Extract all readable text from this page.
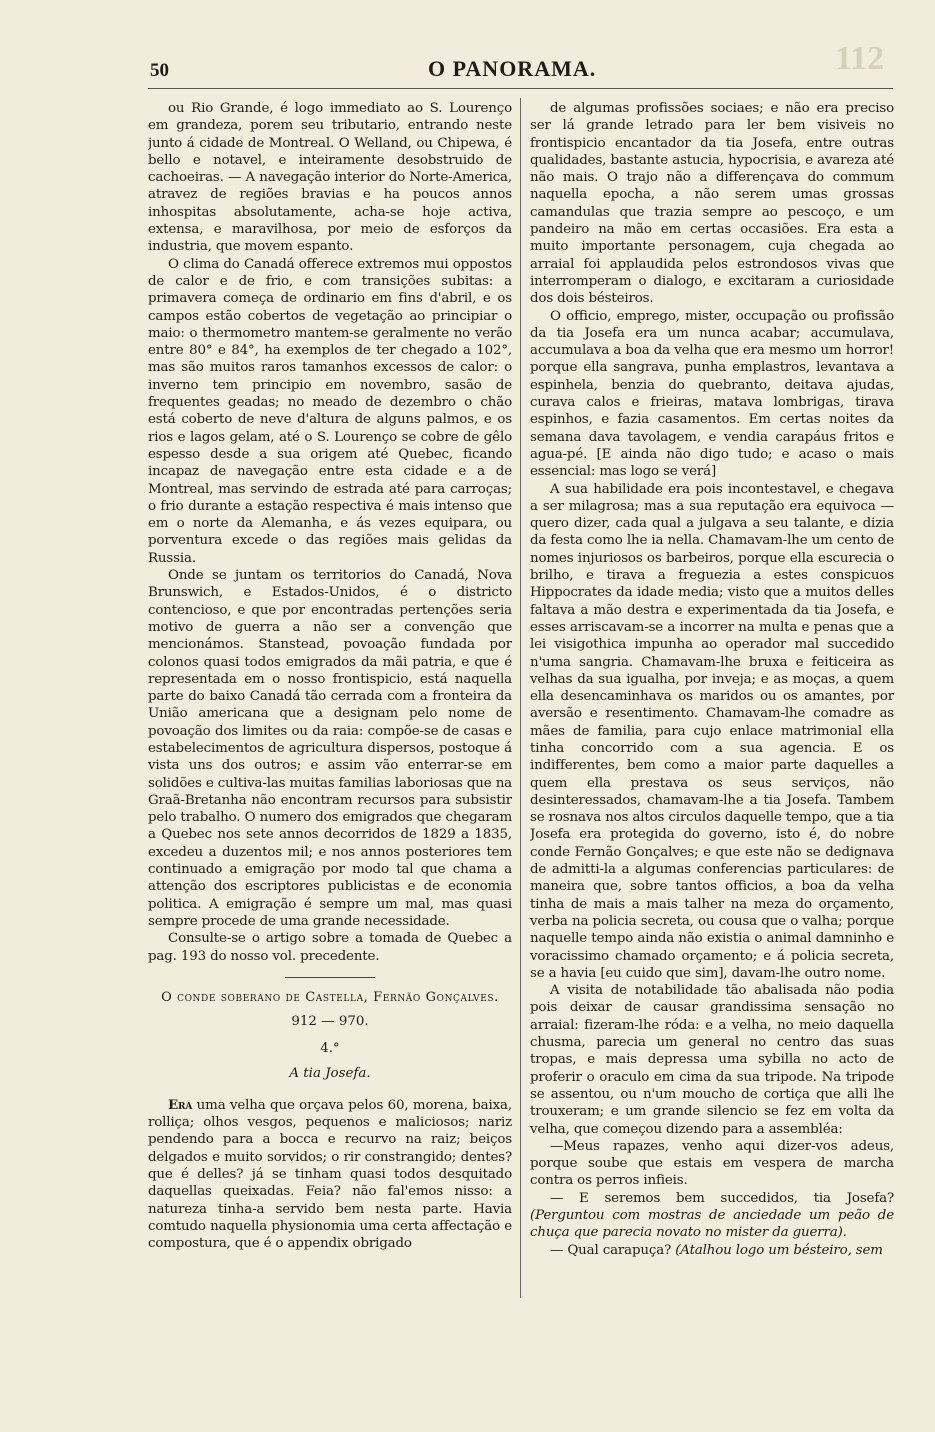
50	O PANORAMA.	112

ou Rio Grande, é logo immediato ao S. Lourenço em grandeza, porem seu tributario, entrando neste junto á cidade de Montreal. O Welland, ou Chipewa, é bello e notavel, e inteiramente desobstruido de cachoeiras. — A navegação interior do Norte-America, atravez de regiões bravias e ha poucos annos inhospitas absolutamente, acha-se hoje activa, extensa, e maravilhosa, por meio de esforços da industria, que movem espanto.

O clima do Canadá offerece extremos mui oppostos de calor e de frio, e com transições subitas: a primavera começa de ordinario em fins d'abril, e os campos estão cobertos de vegetação ao principiar o maio: o thermometro mantem-se geralmente no verão entre 80° e 84°, ha exemplos de ter chegado a 102°, mas são muitos raros tamanhos excessos de calor: o inverno tem principio em novembro, sasão de frequentes geadas; no meado de dezembro o chão está coberto de neve d'altura de alguns palmos, e os rios e lagos gelam, até o S. Lourenço se cobre de gêlo espesso desde a sua origem até Quebec, ficando incapaz de navegação entre esta cidade e a de Montreal, mas servindo de estrada até para carroças; o frio durante a estação respectiva é mais intenso que em o norte da Alemanha, e ás vezes equipara, ou porventura excede o das regiões mais gelidas da Russia.

Onde se juntam os territorios do Canadá, Nova Brunswich, e Estados-Unidos, é o districto contencioso, e que por encontradas pertenções seria motivo de guerra a não ser a convenção que mencionámos. Stanstead, povoação fundada por colonos quasi todos emigrados da mãi patria, e que é representada em o nosso frontispicio, está naquella parte do baixo Canadá tão cerrada com a fronteira da União americana que a designam pelo nome de povoação dos limites ou da raia: compõe-se de casas e estabelecimentos de agricultura dispersos, postoque á vista uns dos outros; e assim vão enterrar-se em solidões e cultiva-las muitas familias laboriosas que na Graã-Bretanha não encontram recursos para subsistir pelo trabalho. O numero dos emigrados que chegaram a Quebec nos sete annos decorridos de 1829 a 1835, excedeu a duzentos mil; e nos annos posteriores tem continuado a emigração por modo tal que chama a attenção dos escriptores publicistas e de economia politica. A emigração é sempre um mal, mas quasi sempre procede de uma grande necessidade.

Consulte-se o artigo sobre a tomada de Quebec a pag. 193 do nosso vol. precedente.

O conde soberano de Castella, Fernão Gonçalves.

912 — 970.

4.°

A tia Josefa.

Era uma velha que orçava pelos 60, morena, baixa, rolliça; olhos vesgos, pequenos e maliciosos; nariz pendendo para a bocca e recurvo na raiz; beiços delgados e muito sorvidos; o rir constrangido; dentes? que é delles? já se tinham quasi todos desquitado daquellas queixadas. Feia? não fal'emos nisso: a natureza tinha-a servido bem nesta parte. Havia comtudo naquella physionomia uma certa affectação e compostura, que é o appendix obrigado

de algumas profissões sociaes; e não era preciso ser lá grande letrado para ler bem visiveis no frontispicio encantador da tia Josefa, entre outras qualidades, bastante astucia, hypocrisia, e avareza até não mais. O trajo não a differençava do commum naquella epocha, a não serem umas grossas camandulas que trazia sempre ao pescoço, e um pandeiro na mão em certas occasiões. Era esta a muito importante personagem, cuja chegada ao arraial foi applaudida pelos estrondosos vivas que interromperam o dialogo, e excitaram a curiosidade dos dois bésteiros.

O officio, emprego, mister, occupação ou profissão da tia Josefa era um nunca acabar; accumulava, accumulava a boa da velha que era mesmo um horror! porque ella sangrava, punha emplastros, levantava a espinhela, benzia do quebranto, deitava ajudas, curava calos e frieiras, matava lombrigas, tirava espinhos, e fazia casamentos. Em certas noites da semana dava tavolagem, e vendia carapáus fritos e agua-pé. [E ainda não digo tudo; e acaso o mais essencial: mas logo se verá]

A sua habilidade era pois incontestavel, e chegava a ser milagrosa; mas a sua reputação era equivoca — quero dizer, cada qual a julgava a seu talante, e dizia da festa como lhe ia nella. Chamavam-lhe um cento de nomes injuriosos os barbeiros, porque ella escurecia o brilho, e tirava a freguezia a estes conspicuos Hippocrates da idade media; visto que a muitos delles faltava a mão destra e experimentada da tia Josefa, e esses arriscavam-se a incorrer na multa e penas que a lei visigothica impunha ao operador mal succedido n'uma sangria. Chamavam-lhe bruxa e feiticeira as velhas da sua igualha, por inveja; e as moças, a quem ella desencaminhava os maridos ou os amantes, por aversão e resentimento. Chamavam-lhe comadre as mães de familia, para cujo enlace matrimonial ella tinha concorrido com a sua agencia. E os indifferentes, bem como a maior parte daquelles a quem ella prestava os seus serviços, não desinteressados, chamavam-lhe a tia Josefa. Tambem se rosnava nos altos circulos daquelle tempo, que a tia Josefa era protegida do governo, isto é, do nobre conde Fernão Gonçalves; e que este não se dedignava de admitti-la a algumas conferencias particulares: de maneira que, sobre tantos officios, a boa da velha tinha de mais a mais talher na meza do orçamento, verba na policia secreta, ou cousa que o valha; porque naquelle tempo ainda não existia o animal damninho e voracissimo chamado orçamento; e á policia secreta, se a havia [eu cuido que sim], davam-lhe outro nome.

A visita de notabilidade tão abalisada não podia pois deixar de causar grandissima sensação no arraial: fizeram-lhe róda: e a velha, no meio daquella chusma, parecia um general no centro das suas tropas, e mais depressa uma sybilla no acto de proferir o oraculo em cima da sua tripode. Na tripode se assentou, ou n'um moucho de cortiça que alli lhe trouxeram; e um grande silencio se fez em volta da velha, que começou dizendo para a assembléa:

—Meus rapazes, venho aqui dizer-vos adeus, porque soube que estais em vespera de marcha contra os perros infieis.

— E seremos bem succedidos, tia Josefa? (Perguntou com mostras de anciedade um peão de chuça que parecia novato no mister da guerra).

— Qual carapuça? (Atalhou logo um bésteiro, sem
